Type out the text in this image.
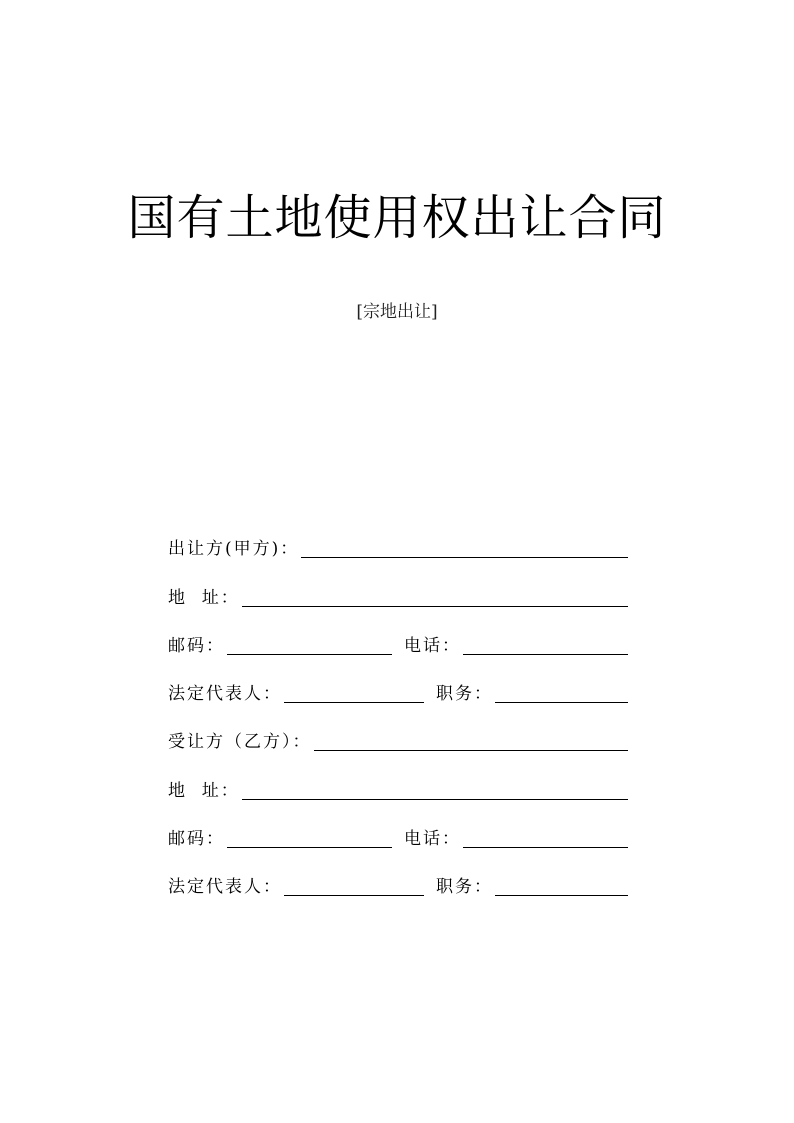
国有土地使用权出让合同
[宗地出让]
出让方(甲方)：
地  址：
邮码：	电话：
法定代表人：	职务：
受让方（乙方）：
地  址：
邮码：	电话：
法定代表人：	职务：
